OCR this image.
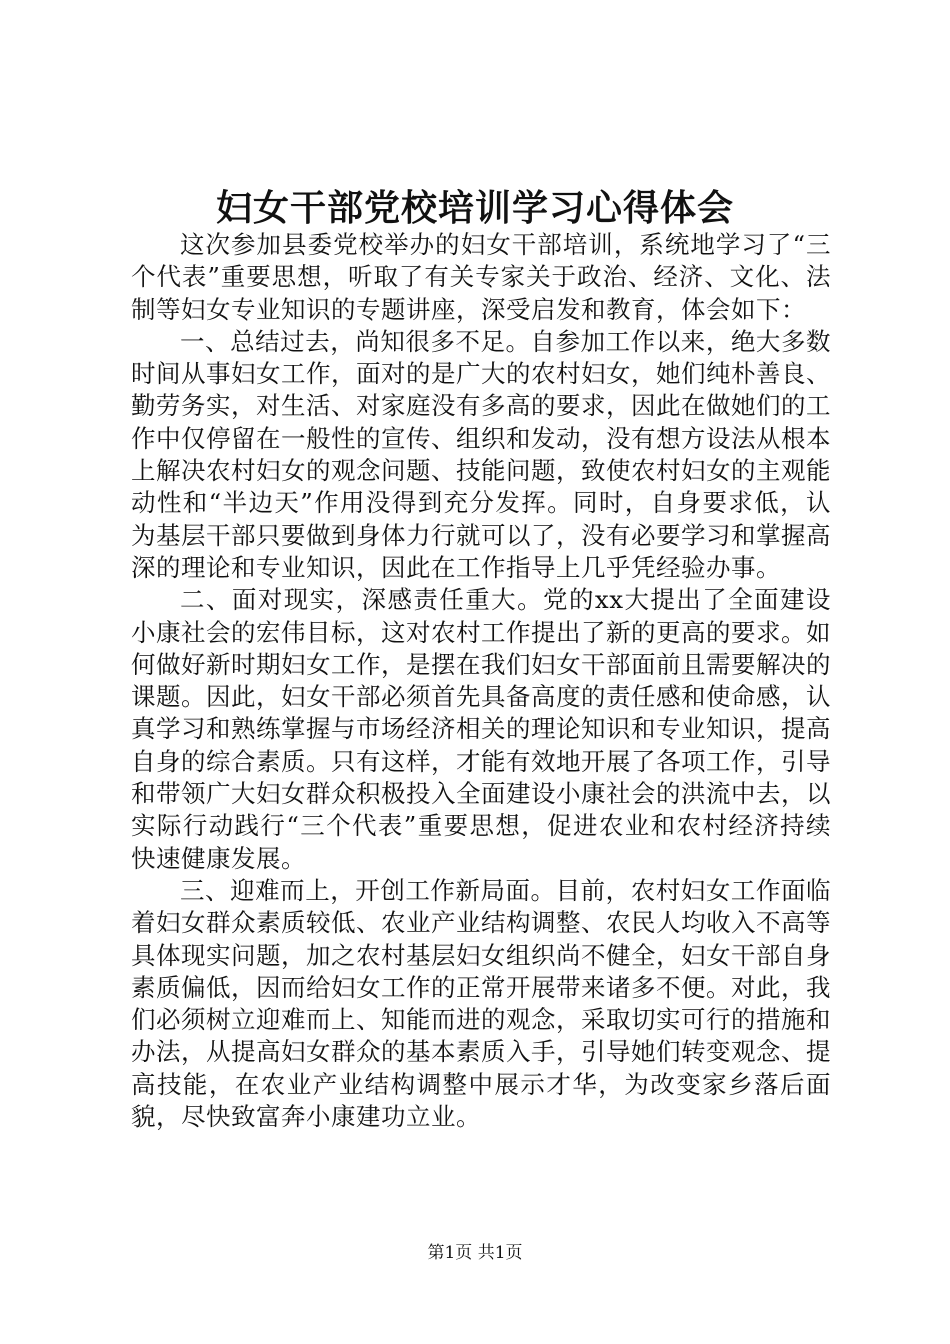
妇女干部党校培训学习心得体会

这次参加县委党校举办的妇女干部培训，系统地学习了“三个代表”重要思想，听取了有关专家关于政治、经济、文化、法制等妇女专业知识的专题讲座，深受启发和教育，体会如下：

一、总结过去，尚知很多不足。自参加工作以来，绝大多数时间从事妇女工作，面对的是广大的农村妇女，她们纯朴善良、勤劳务实，对生活、对家庭没有多高的要求，因此在做她们的工作中仅停留在一般性的宣传、组织和发动，没有想方设法从根本上解决农村妇女的观念问题、技能问题，致使农村妇女的主观能动性和“半边天”作用没得到充分发挥。同时，自身要求低，认为基层干部只要做到身体力行就可以了，没有必要学习和掌握高深的理论和专业知识，因此在工作指导上几乎凭经验办事。

二、面对现实，深感责任重大。党的xx大提出了全面建设小康社会的宏伟目标，这对农村工作提出了新的更高的要求。如何做好新时期妇女工作，是摆在我们妇女干部面前且需要解决的课题。因此，妇女干部必须首先具备高度的责任感和使命感，认真学习和熟练掌握与市场经济相关的理论知识和专业知识，提高自身的综合素质。只有这样，才能有效地开展了各项工作，引导和带领广大妇女群众积极投入全面建设小康社会的洪流中去，以实际行动践行“三个代表”重要思想，促进农业和农村经济持续快速健康发展。

三、迎难而上，开创工作新局面。目前，农村妇女工作面临着妇女群众素质较低、农业产业结构调整、农民人均收入不高等具体现实问题，加之农村基层妇女组织尚不健全，妇女干部自身素质偏低，因而给妇女工作的正常开展带来诸多不便。对此，我们必须树立迎难而上、知能而进的观念，采取切实可行的措施和办法，从提高妇女群众的基本素质入手，引导她们转变观念、提高技能，在农业产业结构调整中展示才华，为改变家乡落后面貌，尽快致富奔小康建功立业。

第1页 共1页
